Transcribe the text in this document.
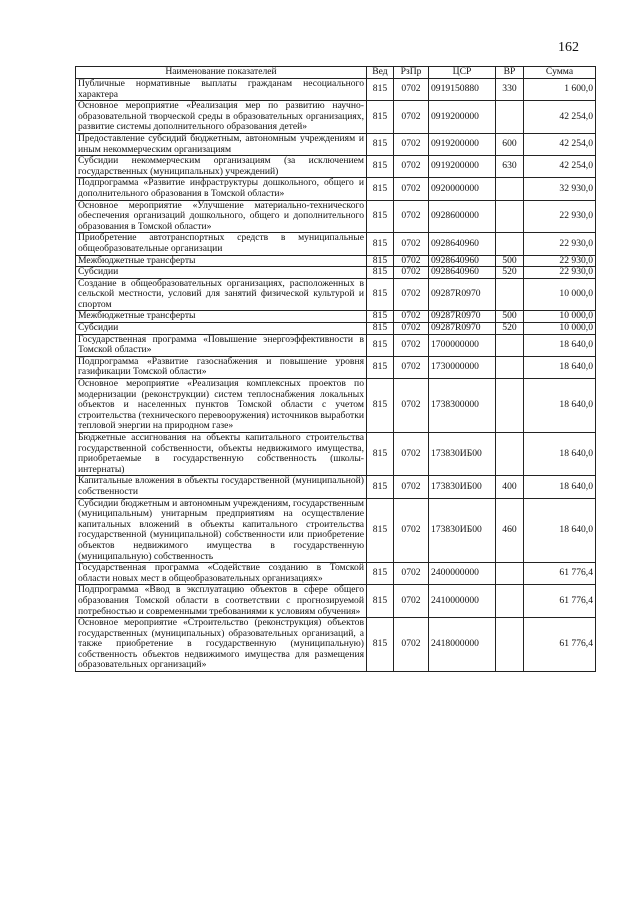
162
Наименование показателей	Вед	РзПр	ЦСР	ВР	Сумма
Публичные нормативные выплаты гражданам несоциального характера	815	0702	0919150880	330	1 600,0
Основное мероприятие «Реализация мер по развитию научно-образовательной творческой среды в образовательных организациях, развитие системы дополнительного образования детей»	815	0702	0919200000		42 254,0
Предоставление субсидий бюджетным, автономным учреждениям и иным некоммерческим организациям	815	0702	0919200000	600	42 254,0
Субсидии некоммерческим организациям (за исключением государственных (муниципальных) учреждений)	815	0702	0919200000	630	42 254,0
Подпрограмма «Развитие инфраструктуры дошкольного, общего и дополнительного образования в Томской области»	815	0702	0920000000		32 930,0
Основное мероприятие «Улучшение материально-технического обеспечения организаций дошкольного, общего и дополнительного образования в Томской области»	815	0702	0928600000		22 930,0
Приобретение автотранспортных средств в муниципальные общеобразовательные организации	815	0702	0928640960		22 930,0
Межбюджетные трансферты	815	0702	0928640960	500	22 930,0
Субсидии	815	0702	0928640960	520	22 930,0
Создание в общеобразовательных организациях, расположенных в сельской местности, условий для занятий физической культурой и спортом	815	0702	09287R0970		10 000,0
Межбюджетные трансферты	815	0702	09287R0970	500	10 000,0
Субсидии	815	0702	09287R0970	520	10 000,0
Государственная программа «Повышение энергоэффективности в Томской области»	815	0702	1700000000		18 640,0
Подпрограмма «Развитие газоснабжения и повышение уровня газификации Томской области»	815	0702	1730000000		18 640,0
Основное мероприятие «Реализация комплексных проектов по модернизации (реконструкции) систем теплоснабжения локальных объектов и населенных пунктов Томской области с учетом строительства (технического перевооружения) источников выработки тепловой энергии на природном газе»	815	0702	1738300000		18 640,0
Бюджетные ассигнования на объекты капитального строительства государственной собственности, объекты недвижимого имущества, приобретаемые в государственную собственность (школы-интернаты)	815	0702	173830ИБ00		18 640,0
Капитальные вложения в объекты государственной (муниципальной) собственности	815	0702	173830ИБ00	400	18 640,0
Субсидии бюджетным и автономным учреждениям, государственным (муниципальным) унитарным предприятиям на осуществление капитальных вложений в объекты капитального строительства государственной (муниципальной) собственности или приобретение объектов недвижимого имущества в государственную (муниципальную) собственность	815	0702	173830ИБ00	460	18 640,0
Государственная программа «Содействие созданию в Томской области новых мест в общеобразовательных организациях»	815	0702	2400000000		61 776,4
Подпрограмма «Ввод в эксплуатацию объектов в сфере общего образования Томской области в соответствии с прогнозируемой потребностью и современными требованиями к условиям обучения»	815	0702	2410000000		61 776,4
Основное мероприятие «Строительство (реконструкция) объектов государственных (муниципальных) образовательных организаций, а также приобретение в государственную (муниципальную) собственность объектов недвижимого имущества для размещения образовательных организаций»	815	0702	2418000000		61 776,4
